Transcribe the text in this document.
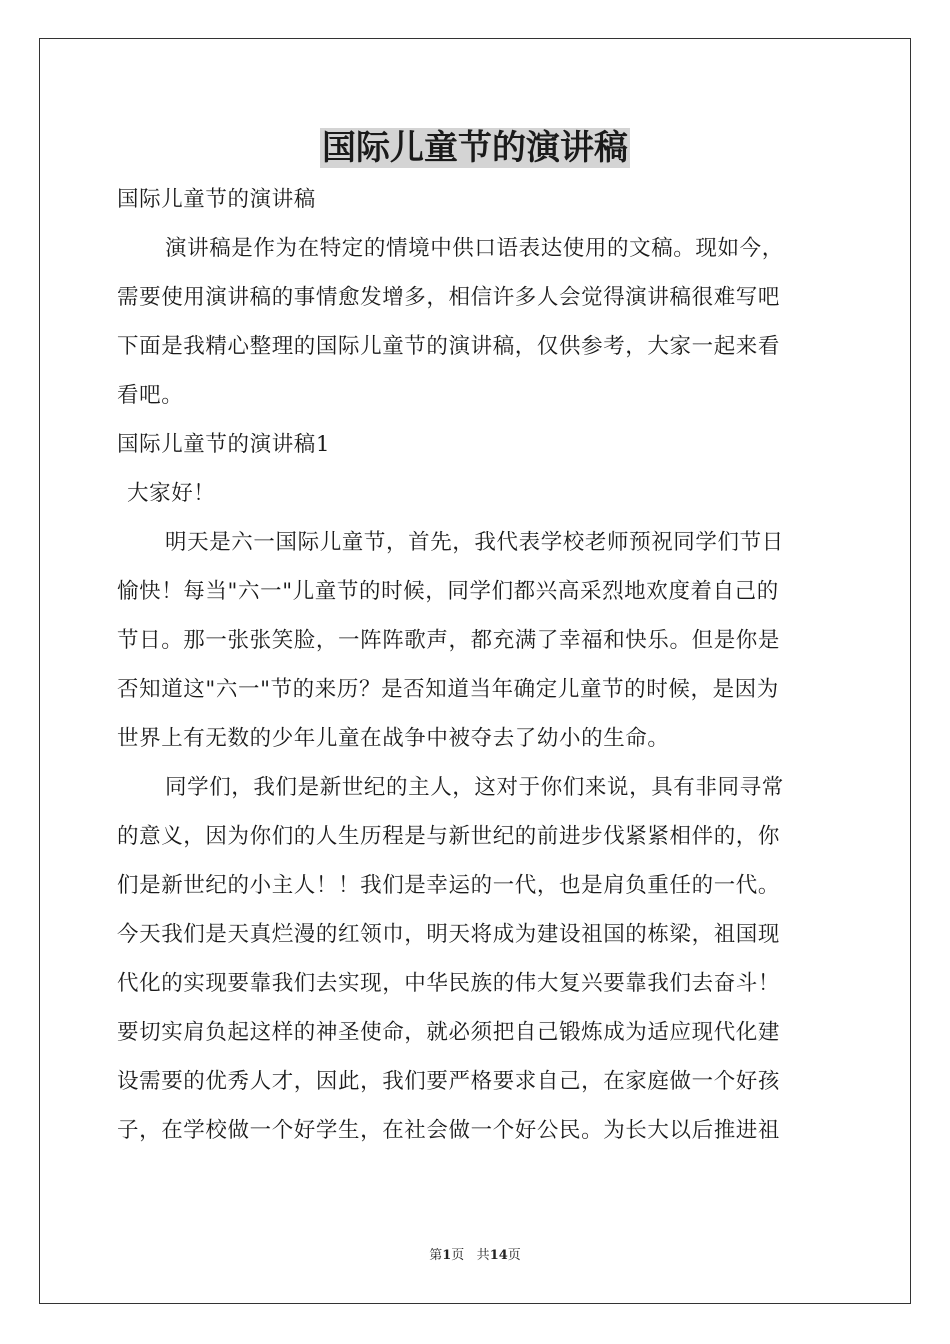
国际儿童节的演讲稿

国际儿童节的演讲稿

演讲稿是作为在特定的情境中供口语表达使用的文稿。现如今，

需要使用演讲稿的事情愈发增多，相信许多人会觉得演讲稿很难写吧

下面是我精心整理的国际儿童节的演讲稿，仅供参考，大家一起来看

看吧。

国际儿童节的演讲稿1

大家好！

明天是六一国际儿童节，首先，我代表学校老师预祝同学们节日

愉快！每当"六一"儿童节的时候，同学们都兴高采烈地欢度着自己的

节日。那一张张笑脸，一阵阵歌声，都充满了幸福和快乐。但是你是

否知道这"六一"节的来历？是否知道当年确定儿童节的时候，是因为

世界上有无数的少年儿童在战争中被夺去了幼小的生命。

同学们，我们是新世纪的主人，这对于你们来说，具有非同寻常

的意义，因为你们的人生历程是与新世纪的前进步伐紧紧相伴的，你

们是新世纪的小主人！！我们是幸运的一代，也是肩负重任的一代。

今天我们是天真烂漫的红领巾，明天将成为建设祖国的栋梁，祖国现

代化的实现要靠我们去实现，中华民族的伟大复兴要靠我们去奋斗！

要切实肩负起这样的神圣使命，就必须把自己锻炼成为适应现代化建

设需要的优秀人才，因此，我们要严格要求自己，在家庭做一个好孩

子，在学校做一个好学生，在社会做一个好公民。为长大以后推进祖

第1页 共14页
